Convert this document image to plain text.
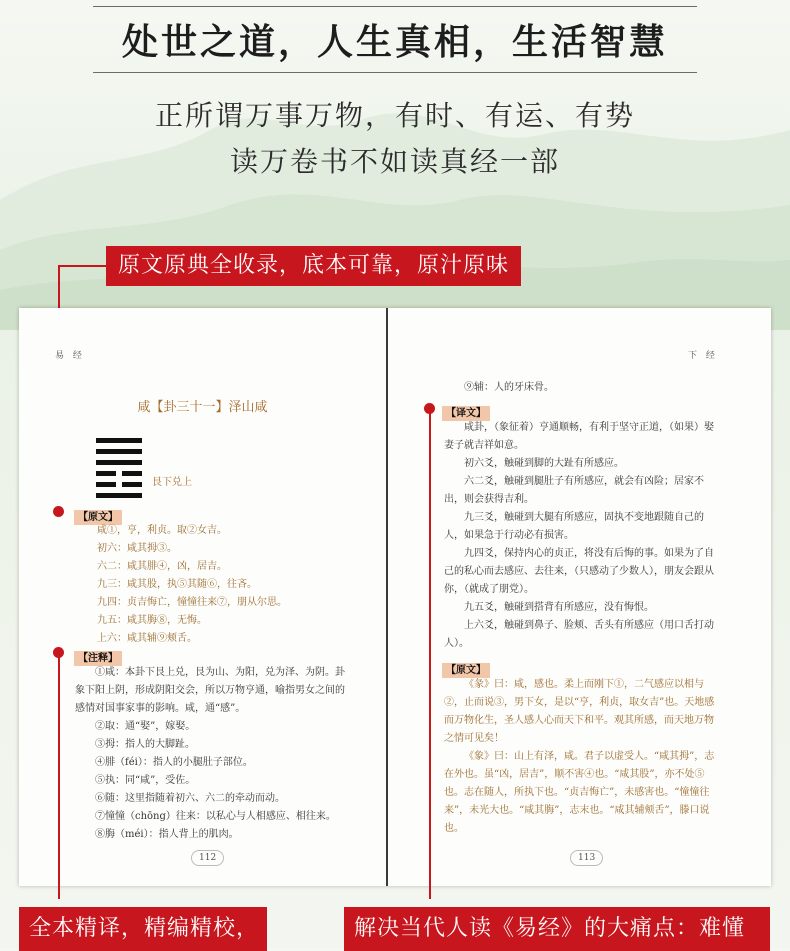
处世之道，人生真相，生活智慧
正所谓万事万物，有时、有运、有势
读万卷书不如读真经一部
原文原典全收录，底本可靠，原汁原味
易 经
咸【卦三十一】泽山咸
艮下兑上
【原文】

咸①，亨，利贞。取②女吉。

初六：咸其拇③。

六二：咸其腓④，凶，居吉。

九三：咸其股，执⑤其随⑥，往吝。

九四：贞吉悔亡，憧憧往来⑦，朋从尔思。

九五：咸其脢⑧，无悔。

上六：咸其辅⑨颊舌。

【注释】

①咸：本卦下艮上兑，艮为山、为阳，兑为泽、为阴。卦象下阳上阴，形成阴阳交会，所以万物亨通，喻指男女之间的感情对国事家事的影响。咸，通“感”。

②取：通“娶”，嫁娶。

③拇：指人的大脚趾。

④腓（féi）：指人的小腿肚子部位。

⑤执：同“咸”，受佐。

⑥随：这里指随着初六、六二的牵动而动。

⑦憧憧（chōng）往来：以私心与人相感应、相往来。

⑧脢（méi）：指人背上的肌肉。

112
下 经

⑨辅：人的牙床骨。

【译文】

咸卦，（象征着）亨通顺畅，有利于坚守正道，（如果）娶妻子就吉祥如意。

初六爻，触碰到脚的大趾有所感应。

六二爻，触碰到腿肚子有所感应，就会有凶险；居家不出，则会获得吉利。

九三爻，触碰到大腿有所感应，固执不变地跟随自己的人，如果急于行动必有损害。

九四爻，保持内心的贞正，将没有后悔的事。如果为了自己的私心而去感应、去往来，（只感动了少数人），朋友会跟从你，（就成了朋党）。

九五爻，触碰到搭背有所感应，没有悔恨。

上六爻，触碰到鼻子、脸颊、舌头有所感应（用口舌打动人）。

【原文】

《彖》曰：咸，感也。柔上而刚下①，二气感应以相与②，止而说③，男下女，是以“亨，利贞，取女吉”也。天地感而万物化生，圣人感人心而天下和平。观其所感，而天地万物之情可见矣！

《象》曰：山上有泽，咸。君子以虚受人。“咸其拇”，志在外也。虽“凶，居吉”，顺不害④也。“咸其股”，亦不处⑤也。志在随人，所执下也。“贞吉悔亡”，未感害也。“憧憧往来”，未光大也。“咸其脢”，志末也。“咸其辅颊舌”，滕口说也。

113
全本精译，精编精校，	解决当代人读《易经》的大痛点：难懂
